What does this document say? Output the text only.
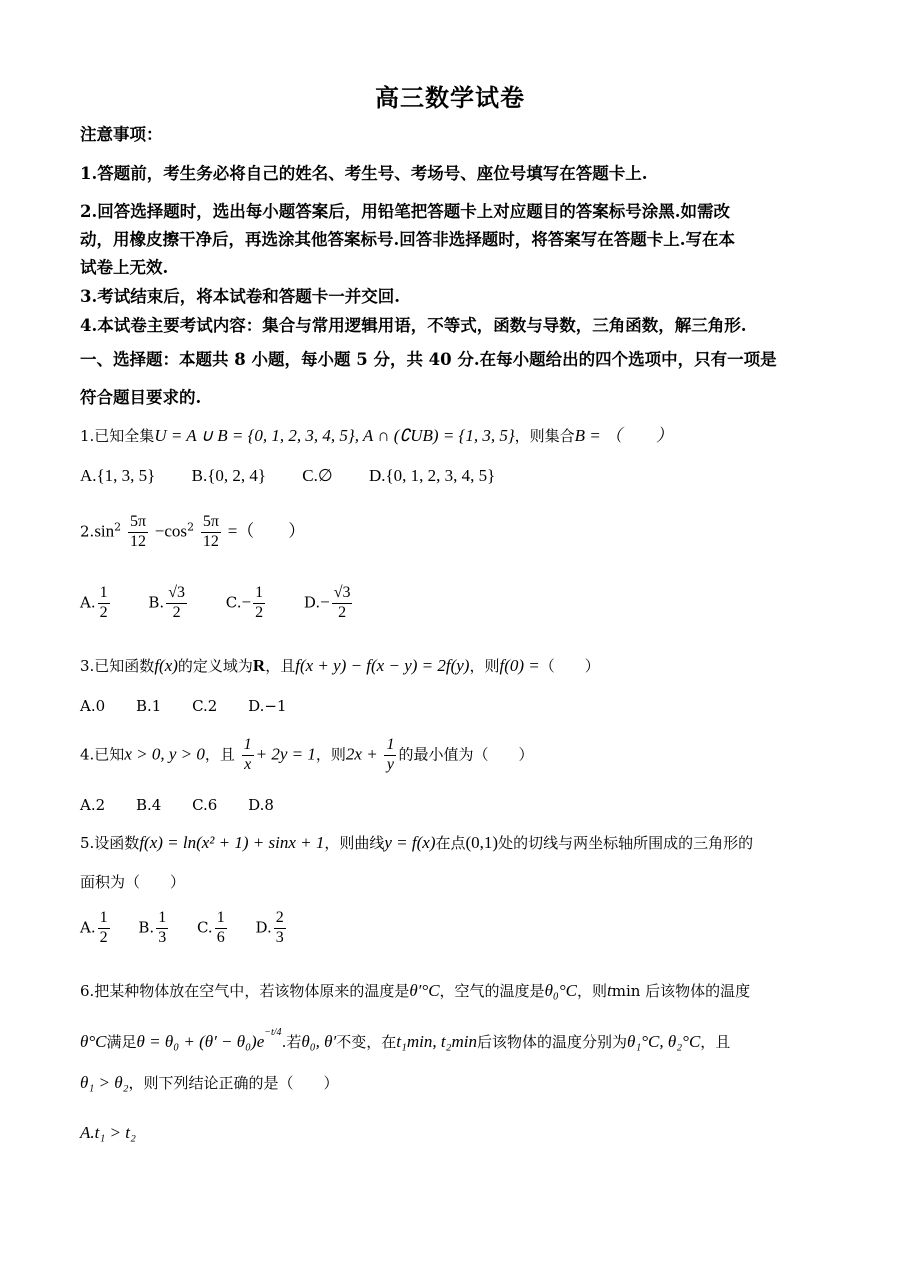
高三数学试卷
注意事项：
1.答题前，考生务必将自己的姓名、考生号、考场号、座位号填写在答题卡上.
2.回答选择题时，选出每小题答案后，用铅笔把答题卡上对应题目的答案标号涂黑.如需改
动，用橡皮擦干净后，再选涂其他答案标号.回答非选择题时，将答案写在答题卡上.写在本
试卷上无效.
3.考试结束后，将本试卷和答题卡一并交回.
4.本试卷主要考试内容：集合与常用逻辑用语，不等式，函数与导数，三角函数，解三角形.
一、选择题：本题共 8 小题，每小题 5 分，共 40 分.在每小题给出的四个选项中，只有一项是
符合题目要求的.
1.已知全集U = A ∪ B = {0, 1, 2, 3, 4, 5}, A ∩ (∁UB) = {1, 3, 5}，则集合B = （　　）
A.{1, 3, 5} B.{0, 2, 4} C.∅ D.{0, 1, 2, 3, 4, 5}
$2.\sin^2 \frac{5\pi}{12} -\cos^2 \frac{5\pi}{12}$ =（　　）
A. $\frac{1}{2}$	B. $\frac{√3}{2}$	$C.- \frac{1}{2}$	$D.- \frac{√3}{2}$
3.已知函数f(x)的定义域为R，且f(x + y) − f(x − y) = 2f(y)，则f(0) =（　　）
A.0 B.1 C.2 D.−1
4.已知x > 0, y > 0，且 $\frac{1}{x} + 2y = 1$，则$2x + \frac{1}{y}$ 的最小值为（　　）
A.2 B.4 C.6 D.8
5.设函数f(x) = ln(x² + 1) + sinx + 1，则曲线y = f(x)在点(0,1)处的切线与两坐标轴所围成的三角形的
面积为（　　）
A. $\frac{1}{2} B$. $\frac{1}{3} C$. $\frac{1}{6} D$. $\frac{2}{3}$
6.把某种物体放在空气中，若该物体原来的温度是θ′°C，空气的温度是θ₀°C，则tmin 后该物体的温度
θ°C满足$\theta = \theta_0 + (\theta' - \theta_0)e^{-t/4}$.若θ₀, θ′不变，在t₁min, t₂min后该物体的温度分别为θ₁°C, θ₂°C，且
θ₁ > θ₂，则下列结论正确的是（　　）
A.t₁ > t₂
